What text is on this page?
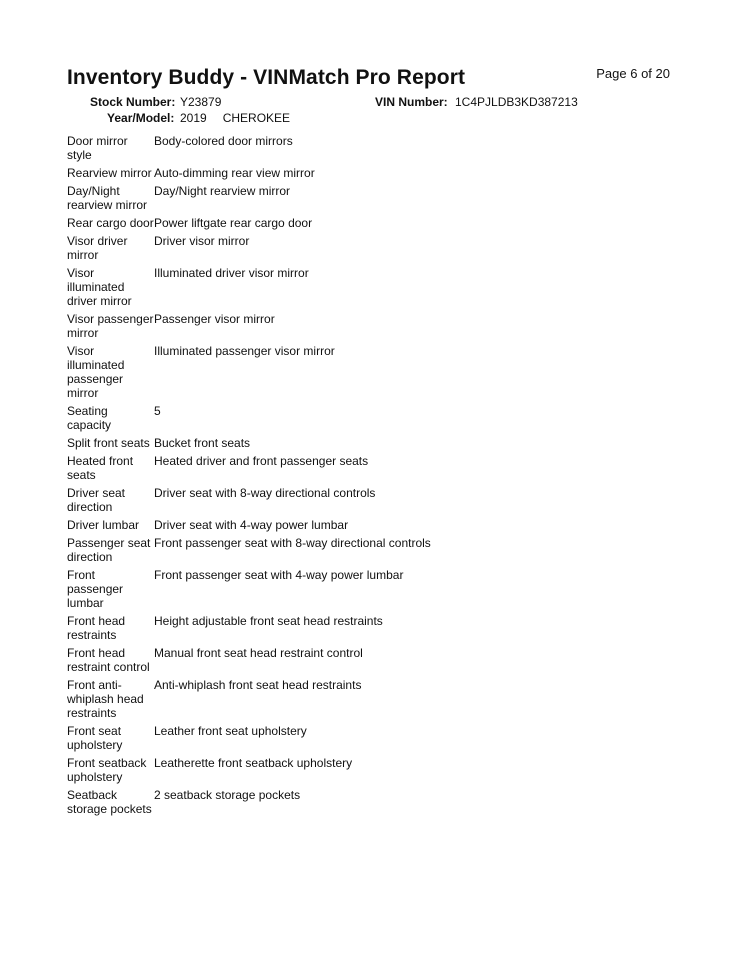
Page 6 of 20
Inventory Buddy - VINMatch Pro Report
Stock Number: Y23879	VIN Number: 1C4PJLDB3KD387213
Year/Model: 2019 CHEROKEE
Door mirror style
Body-colored door mirrors
Rearview mirror Auto-dimming rear view mirror
Day/Night rearview mirror
Day/Night rearview mirror
Rear cargo door Power liftgate rear cargo door
Visor driver mirror
Driver visor mirror
Visor illuminated driver mirror
Illuminated driver visor mirror
Visor passenger mirror
Passenger visor mirror
Visor illuminated passenger mirror
Illuminated passenger visor mirror
Seating capacity
5
Split front seats Bucket front seats
Heated front seats
Heated driver and front passenger seats
Driver seat direction
Driver seat with 8-way directional controls
Driver lumbar	Driver seat with 4-way power lumbar
Passenger seat direction
Front passenger seat with 8-way directional controls
Front passenger lumbar
Front passenger seat with 4-way power lumbar
Front head restraints
Height adjustable front seat head restraints
Front head restraint control
Manual front seat head restraint control
Front anti-whiplash head restraints
Anti-whiplash front seat head restraints
Front seat upholstery
Leather front seat upholstery
Front seatback upholstery
Leatherette front seatback upholstery
Seatback storage pockets
2 seatback storage pockets
